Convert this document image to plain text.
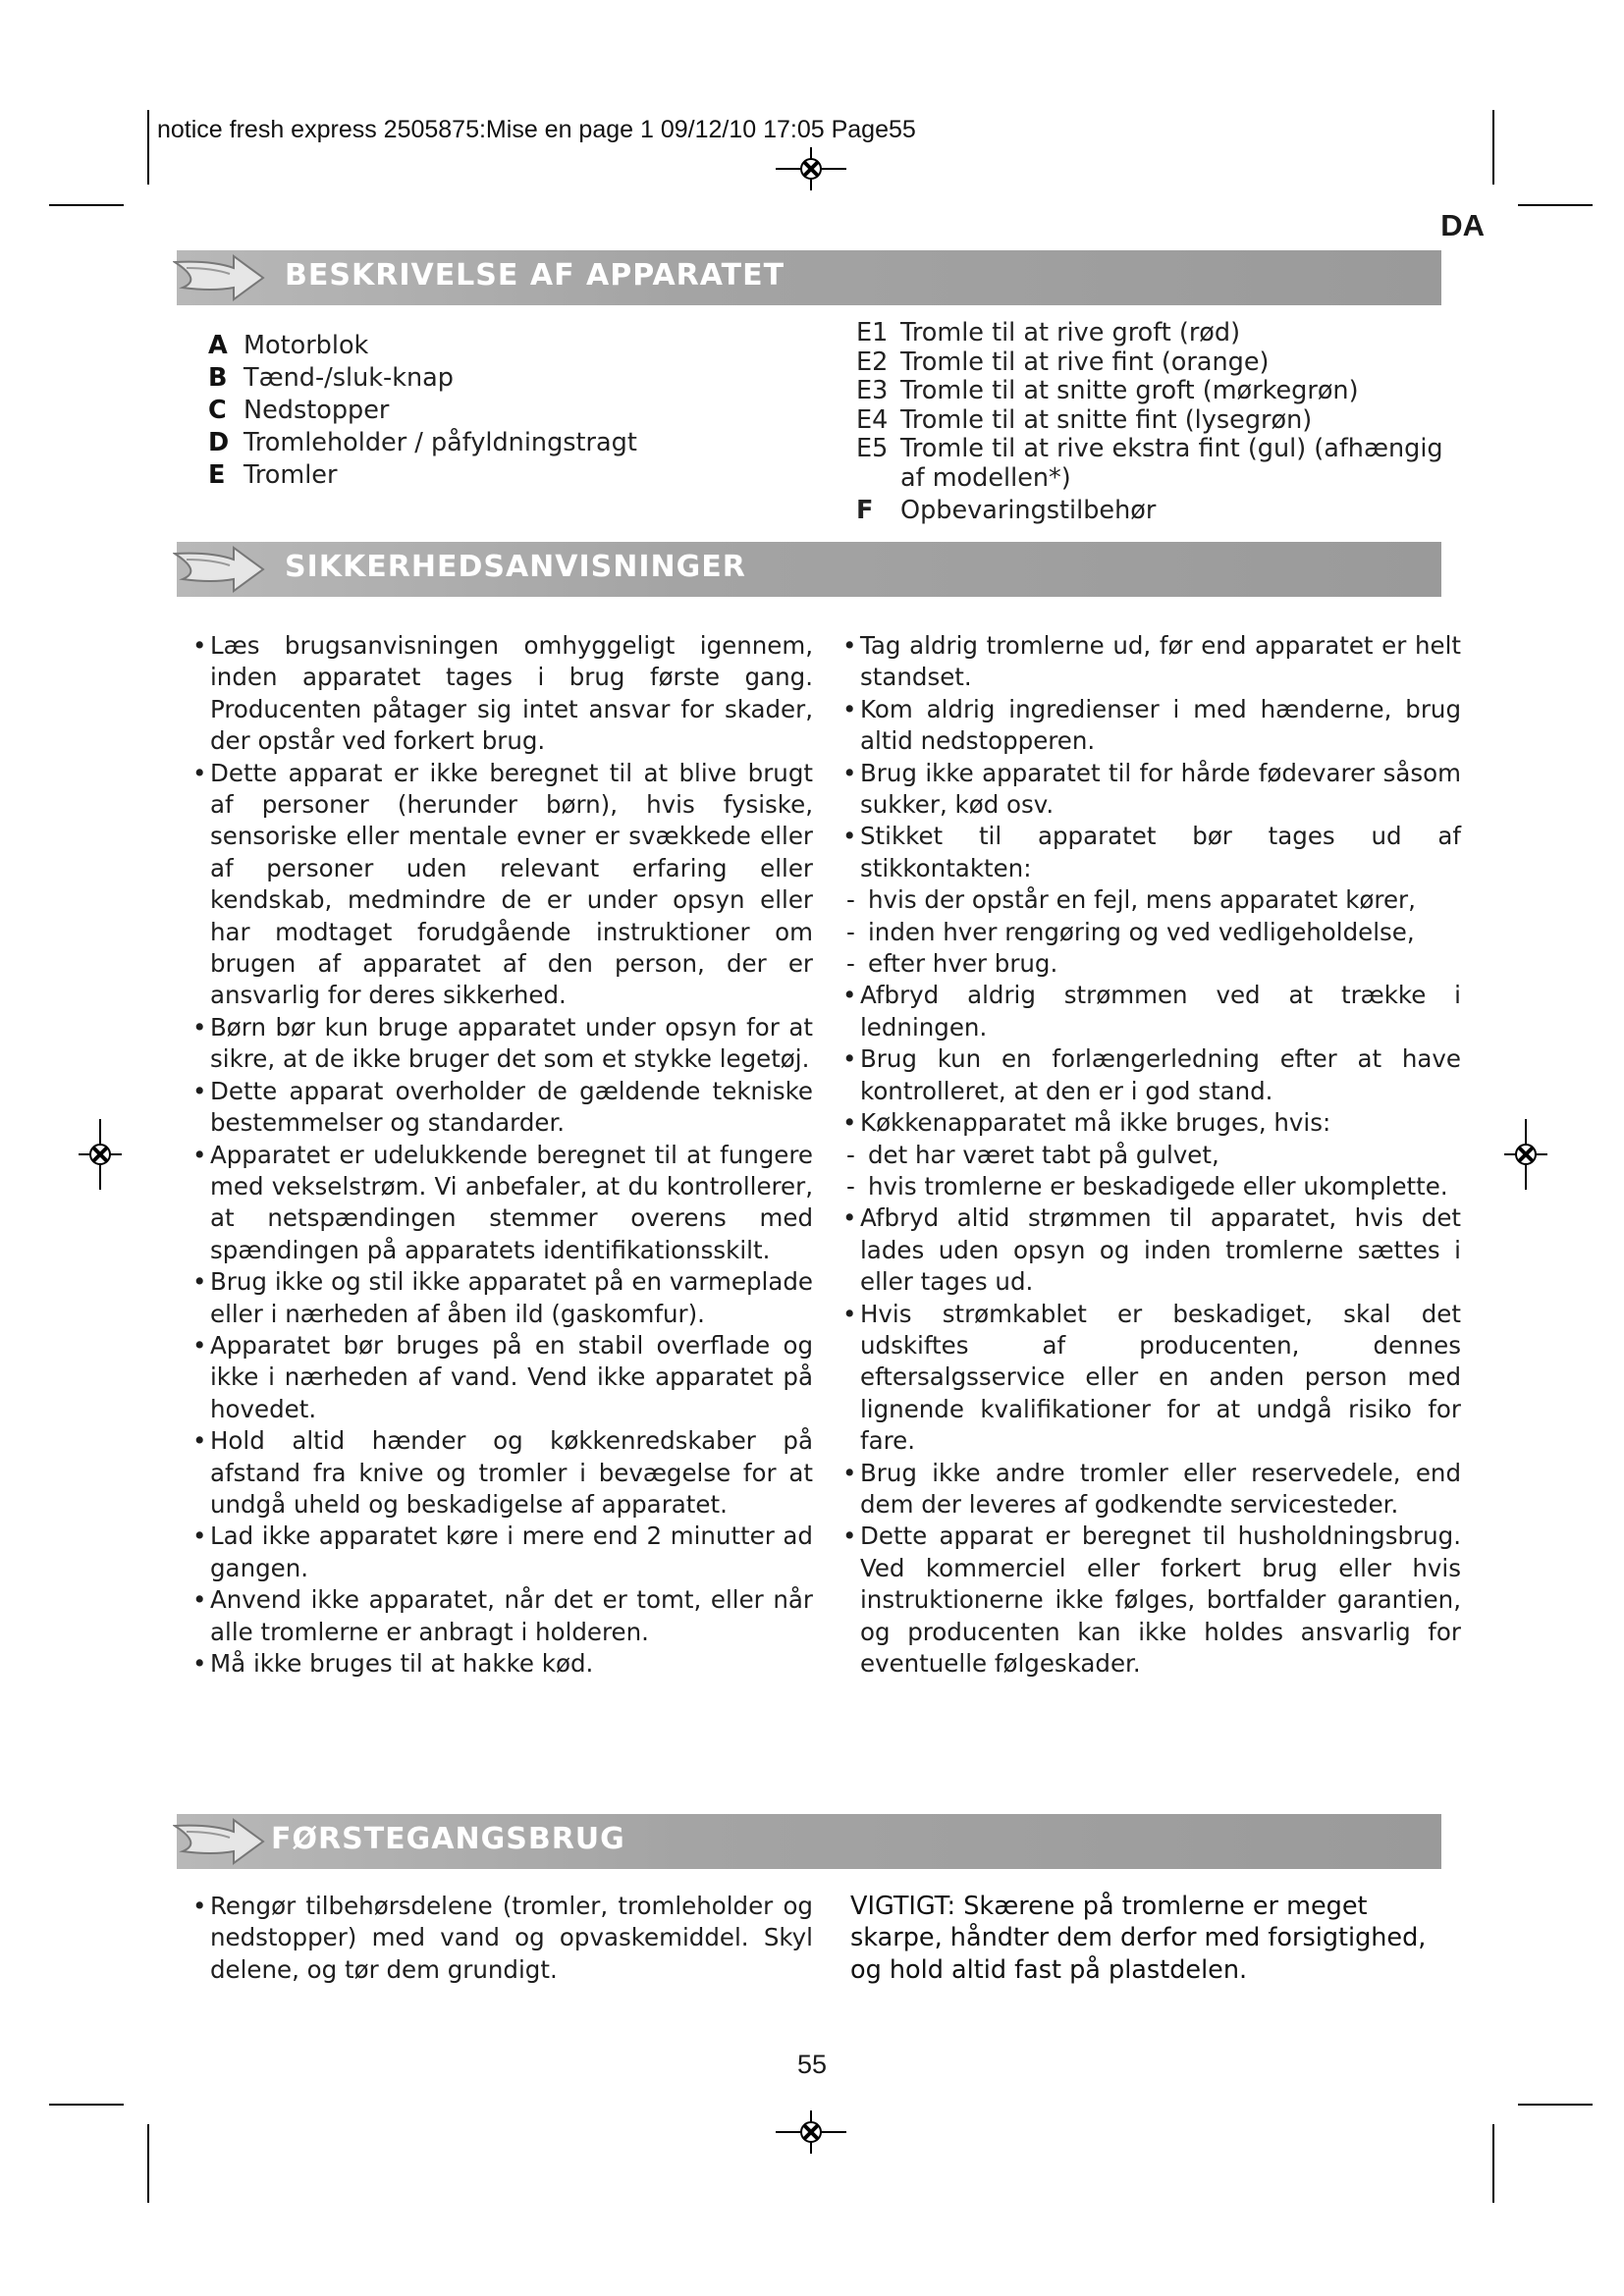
notice fresh express 2505875:Mise en page 1 09/12/10 17:05 Page55
DA
BESKRIVELSE AF APPARATET
A Motorblok
B Tænd-/sluk-knap
C Nedstopper
D Tromleholder / påfyldningstragt
E Tromler
E1 Tromle til at rive groft (rød)
E2 Tromle til at rive fint (orange)
E3 Tromle til at snitte groft (mørkegrøn)
E4 Tromle til at snitte fint (lysegrøn)
E5 Tromle til at rive ekstra fint (gul) (afhængig af modellen*)
F	Opbevaringstilbehør
SIKKERHEDSANVISNINGER
• Læs brugsanvisningen omhyggeligt igennem, inden apparatet tages i brug første gang. Producenten påtager sig intet ansvar for skader, der opstår ved forkert brug.
• Dette apparat er ikke beregnet til at blive brugt af personer (herunder børn), hvis fysiske, sensoriske eller mentale evner er svækkede eller af personer uden relevant erfaring eller kendskab, medmindre de er under opsyn eller har modtaget forudgående instruktioner om brugen af apparatet af den person, der er ansvarlig for deres sikkerhed.
• Børn bør kun bruge apparatet under opsyn for at sikre, at de ikke bruger det som et stykke legetøj.
• Dette apparat overholder de gældende tekniske bestemmelser og standarder.
• Apparatet er udelukkende beregnet til at fungere med vekselstrøm. Vi anbefaler, at du kontrollerer, at netspændingen stemmer overens med spændingen på apparatets identifikationsskilt.
• Brug ikke og stil ikke apparatet på en varmeplade eller i nærheden af åben ild (gaskomfur).
• Apparatet bør bruges på en stabil overflade og ikke i nærheden af vand. Vend ikke apparatet på hovedet.
• Hold altid hænder og køkkenredskaber på afstand fra knive og tromler i bevægelse for at undgå uheld og beskadigelse af apparatet.
• Lad ikke apparatet køre i mere end 2 minutter ad gangen.
• Anvend ikke apparatet, når det er tomt, eller når alle tromlerne er anbragt i holderen.
• Må ikke bruges til at hakke kød.
• Tag aldrig tromlerne ud, før end apparatet er helt standset.
• Kom aldrig ingredienser i med hænderne, brug altid nedstopperen.
• Brug ikke apparatet til for hårde fødevarer såsom sukker, kød osv.
• Stikket til apparatet bør tages ud af stikkontakten:
- hvis der opstår en fejl, mens apparatet kører,
- inden hver rengøring og ved vedligeholdelse,
- efter hver brug.
• Afbryd aldrig strømmen ved at trække i ledningen.
• Brug kun en forlængerledning efter at have kontrolleret, at den er i god stand.
• Køkkenapparatet må ikke bruges, hvis:
- det har været tabt på gulvet,
- hvis tromlerne er beskadigede eller ukomplette.
• Afbryd altid strømmen til apparatet, hvis det lades uden opsyn og inden tromlerne sættes i eller tages ud.
• Hvis strømkablet er beskadiget, skal det udskiftes af producenten, dennes eftersalgsservice eller en anden person med lignende kvalifikationer for at undgå risiko for fare.
• Brug ikke andre tromler eller reservedele, end dem der leveres af godkendte servicesteder.
• Dette apparat er beregnet til husholdningsbrug. Ved kommerciel eller forkert brug eller hvis instruktionerne ikke følges, bortfalder garantien, og producenten kan ikke holdes ansvarlig for eventuelle følgeskader.
FØRSTEGANGSBRUG
• Rengør tilbehørsdelene (tromler, tromleholder og nedstopper) med vand og opvaskemiddel. Skyl delene, og tør dem grundigt.
VIGTIGT: Skærene på tromlerne er meget skarpe, håndter dem derfor med forsigtighed, og hold altid fast på plastdelen.
55
